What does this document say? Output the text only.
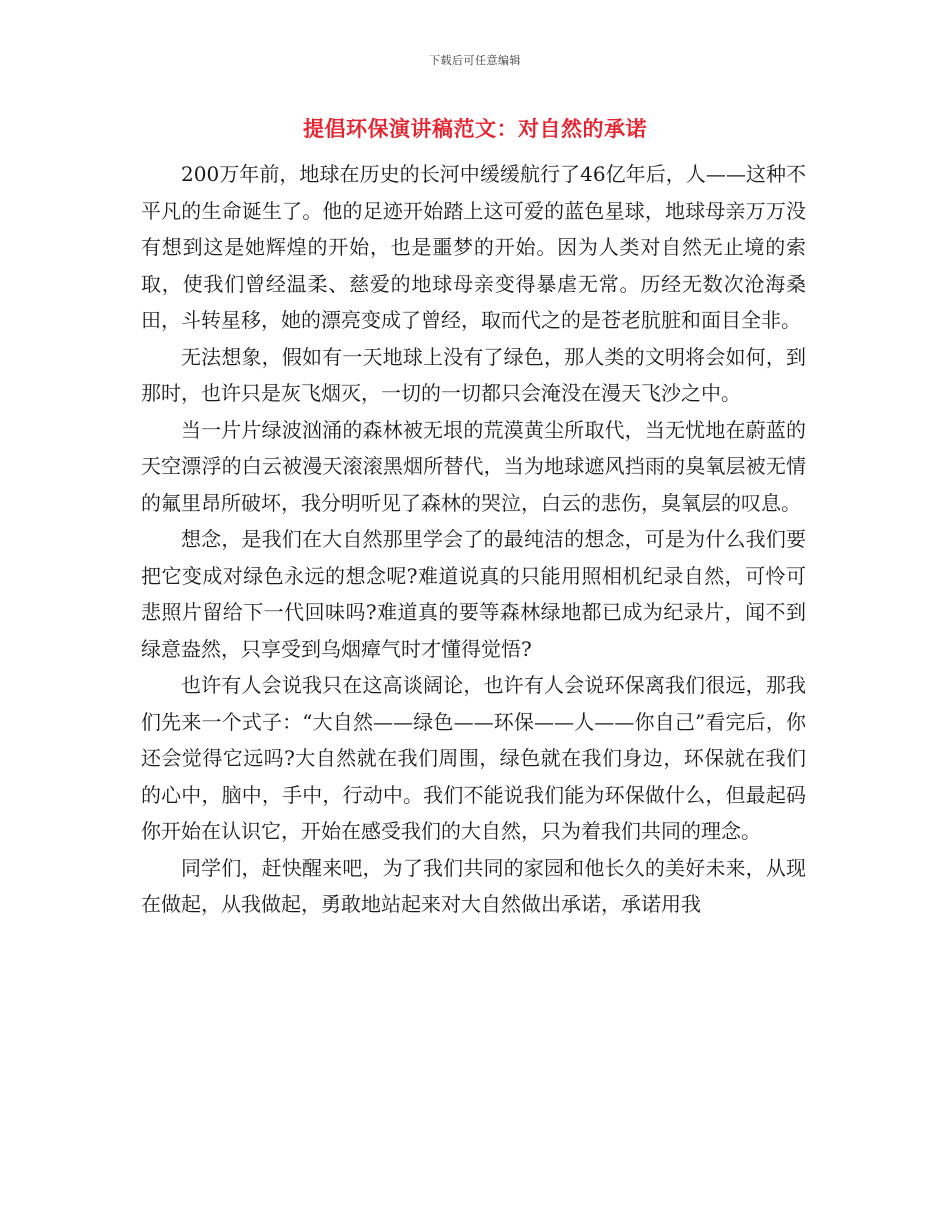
下载后可任意编辑
提倡环保演讲稿范文：对自然的承诺

200万年前，地球在历史的长河中缓缓航行了46亿年后，人——这种不平凡的生命诞生了。他的足迹开始踏上这可爱的蓝色星球，地球母亲万万没有想到这是她辉煌的开始，也是噩梦的开始。因为人类对自然无止境的索取，使我们曾经温柔、慈爱的地球母亲变得暴虐无常。历经无数次沧海桑田，斗转星移，她的漂亮变成了曾经，取而代之的是苍老肮脏和面目全非。

无法想象，假如有一天地球上没有了绿色，那人类的文明将会如何，到那时，也许只是灰飞烟灭，一切的一切都只会淹没在漫天飞沙之中。

当一片片绿波汹涌的森林被无垠的荒漠黄尘所取代，当无忧地在蔚蓝的天空漂浮的白云被漫天滚滚黑烟所替代，当为地球遮风挡雨的臭氧层被无情的氟里昂所破坏，我分明听见了森林的哭泣，白云的悲伤，臭氧层的叹息。

想念，是我们在大自然那里学会了的最纯洁的想念，可是为什么我们要把它变成对绿色永远的想念呢?难道说真的只能用照相机纪录自然，可怜可悲照片留给下一代回味吗?难道真的要等森林绿地都已成为纪录片，闻不到绿意盎然，只享受到乌烟瘴气时才懂得觉悟?

也许有人会说我只在这高谈阔论，也许有人会说环保离我们很远，那我们先来一个式子：“大自然——绿色——环保——人——你自己”看完后，你还会觉得它远吗?大自然就在我们周围，绿色就在我们身边，环保就在我们的心中，脑中，手中，行动中。我们不能说我们能为环保做什么，但最起码你开始在认识它，开始在感受我们的大自然，只为着我们共同的理念。

同学们，赶快醒来吧，为了我们共同的家园和他长久的美好未来，从现在做起，从我做起，勇敢地站起来对大自然做出承诺，承诺用我
